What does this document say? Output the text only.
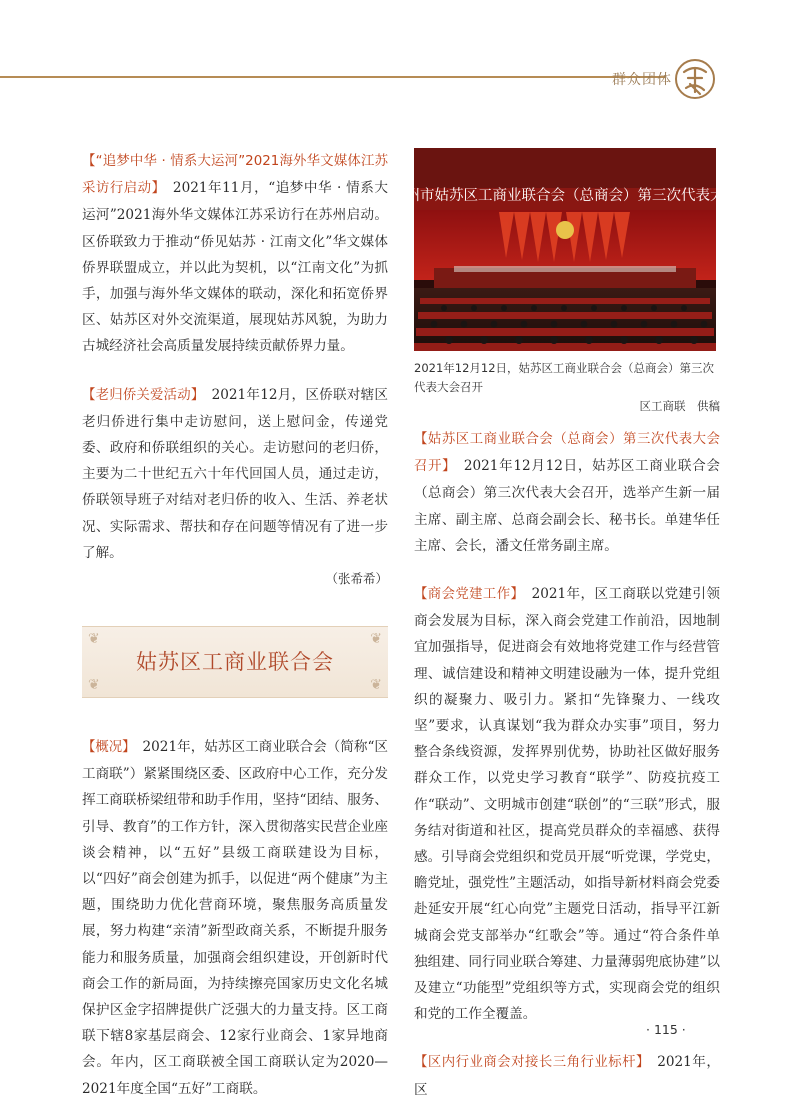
群众团体

【“追梦中华 · 情系大运河”2021海外华文媒体江苏采访行启动】　 2021年11月，“追梦中华 · 情系大运河”2021海外华文媒体江苏采访行在苏州启动。区侨联致力于推动“侨见姑苏 · 江南文化”华文媒体侨界联盟成立，并以此为契机，以“江南文化”为抓手，加强与海外华文媒体的联动，深化和拓宽侨界区、姑苏区对外交流渠道，展现姑苏风貌，为助力古城经济社会高质量发展持续贡献侨界力量。

【老归侨关爱活动】　 2021年12月，区侨联对辖区老归侨进行集中走访慰问，送上慰问金，传递党委、政府和侨联组织的关心。走访慰问的老归侨，主要为二十世纪五六十年代回国人员，通过走访，侨联领导班子对结对老归侨的收入、生活、养老状况、实际需求、帮扶和存在问题等情况有了进一步了解。

（张希希）

❦	❦
❦	❦
姑苏区工商业联合会

【概况】　 2021年，姑苏区工商业联合会（简称“区工商联”）紧紧围绕区委、区政府中心工作，充分发挥工商联桥梁纽带和助手作用，坚持“团结、服务、引导、教育”的工作方针，深入贯彻落实民营企业座谈会精神，以“五好”县级工商联建设为目标，以“四好”商会创建为抓手，以促进“两个健康”为主题，围绕助力优化营商环境，聚焦服务高质量发展，努力构建“亲清”新型政商关系，不断提升服务能力和服务质量，加强商会组织建设，开创新时代商会工作的新局面，为持续擦亮国家历史文化名城保护区金字招牌提供广泛强大的力量支持。区工商联下辖8家基层商会、12家行业商会、1家异地商会。年内，区工商联被全国工商联认定为2020—2021年度全国“五好”工商联。

苏州市姑苏区工商业联合会（总商会）第三次代表大会

2021年12月12日，姑苏区工商业联合会（总商会）第三次代表大会召开

区工商联　供稿

【姑苏区工商业联合会（总商会）第三次代表大会召开】　 2021年12月12日，姑苏区工商业联合会（总商会）第三次代表大会召开，选举产生新一届主席、副主席、总商会副会长、秘书长。单建华任主席、会长，潘文任常务副主席。

【商会党建工作】　 2021年，区工商联以党建引领商会发展为目标，深入商会党建工作前沿，因地制宜加强指导，促进商会有效地将党建工作与经营管理、诚信建设和精神文明建设融为一体，提升党组织的凝聚力、吸引力。紧扣“先锋聚力、一线攻坚”要求，认真谋划“我为群众办实事”项目，努力整合条线资源，发挥界别优势，协助社区做好服务群众工作，以党史学习教育“联学”、防疫抗疫工作“联动”、文明城市创建“联创”的“三联”形式，服务结对街道和社区，提高党员群众的幸福感、获得感。引导商会党组织和党员开展“听党课，学党史，瞻党址，强党性”主题活动，如指导新材料商会党委赴延安开展“红心向党”主题党日活动，指导平江新城商会党支部举办“红歌会”等。通过“符合条件单独组建、同行同业联合筹建、力量薄弱兜底协建”以及建立“功能型”党组织等方式，实现商会党的组织和党的工作全覆盖。

【区内行业商会对接长三角行业标杆】　 2021年，区

· 115 ·
